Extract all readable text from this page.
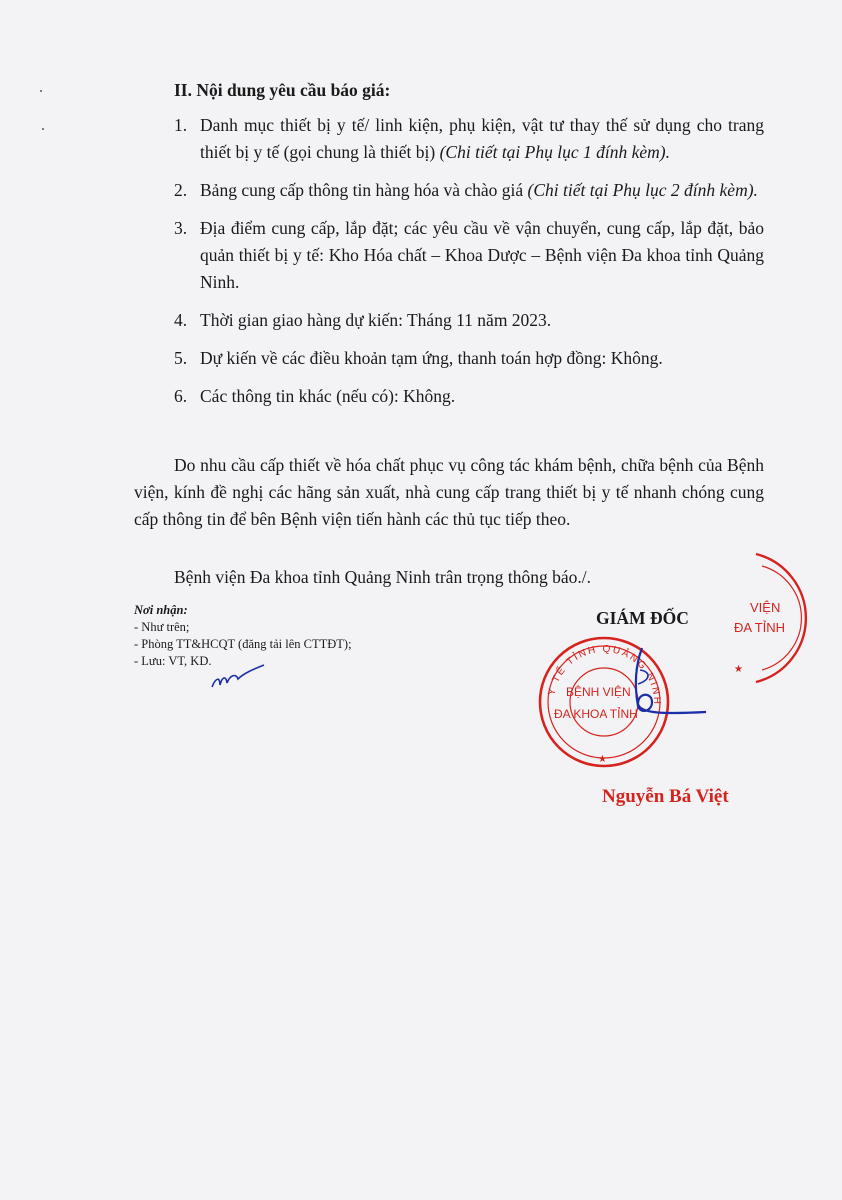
II. Nội dung yêu cầu báo giá:
1. Danh mục thiết bị y tế/ linh kiện, phụ kiện, vật tư thay thế sử dụng cho trang thiết bị y tế (gọi chung là thiết bị) (Chi tiết tại Phụ lục 1 đính kèm).
2. Bảng cung cấp thông tin hàng hóa và chào giá (Chi tiết tại Phụ lục 2 đính kèm).
3. Địa điểm cung cấp, lắp đặt; các yêu cầu về vận chuyển, cung cấp, lắp đặt, bảo quản thiết bị y tế: Kho Hóa chất – Khoa Dược – Bệnh viện Đa khoa tỉnh Quảng Ninh.
4. Thời gian giao hàng dự kiến: Tháng 11 năm 2023.
5. Dự kiến về các điều khoản tạm ứng, thanh toán hợp đồng: Không.
6. Các thông tin khác (nếu có): Không.

Do nhu cầu cấp thiết về hóa chất phục vụ công tác khám bệnh, chữa bệnh của Bệnh viện, kính đề nghị các hãng sản xuất, nhà cung cấp trang thiết bị y tế nhanh chóng cung cấp thông tin để bên Bệnh viện tiến hành các thủ tục tiếp theo.

Bệnh viện Đa khoa tỉnh Quảng Ninh trân trọng thông báo./.

Nơi nhận:
- Như trên;
- Phòng TT&HCQT (đăng tải lên CTTĐT);
- Lưu: VT, KD.
GIÁM ĐỐC
VIỆN
ĐA TỈNH
★
Y TẾ TỈNH QUẢNG NINH
BỆNH VIỆN
ĐA KHOA TỈNH
★
Nguyễn Bá Việt
